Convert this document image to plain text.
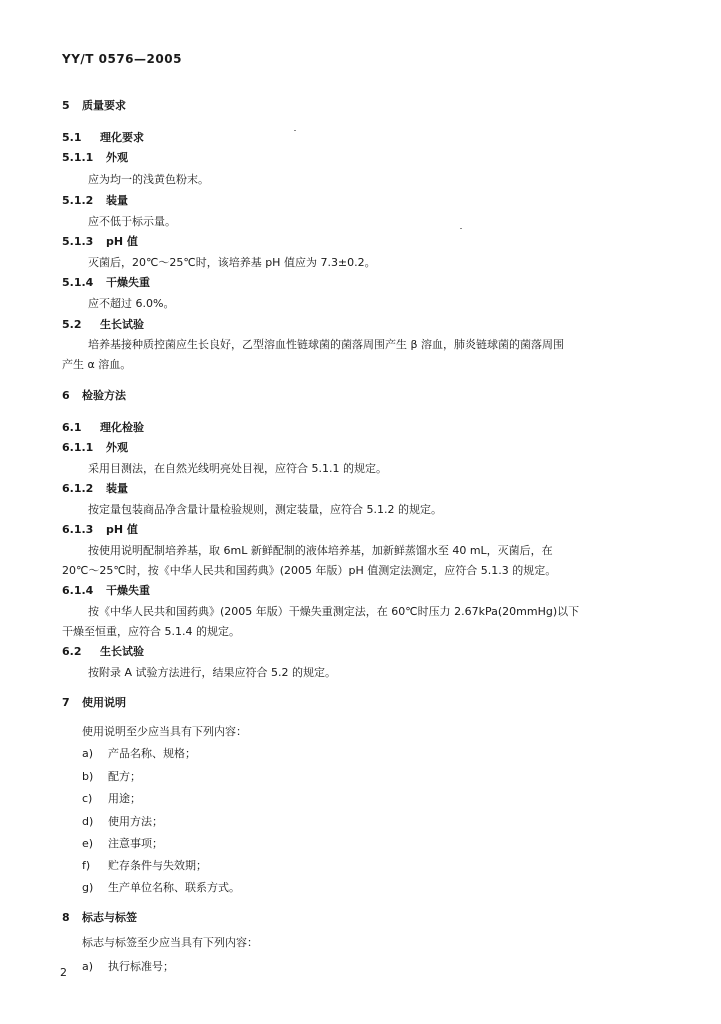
YY/T 0576—2005
5 质量要求
5.1 理化要求
5.1.1 外观
应为均一的浅黄色粉末。
5.1.2 装量
应不低于标示量。
5.1.3 pH 值
灭菌后，20℃～25℃时，该培养基 pH 值应为 7.3±0.2。
5.1.4 干燥失重
应不超过 6.0%。
5.2 生长试验
培养基接种质控菌应生长良好，乙型溶血性链球菌的菌落周围产生 β 溶血，肺炎链球菌的菌落周围
产生 α 溶血。
6 检验方法
6.1 理化检验
6.1.1 外观
采用目测法，在自然光线明亮处目视，应符合 5.1.1 的规定。
6.1.2 装量
按定量包装商品净含量计量检验规则，测定装量，应符合 5.1.2 的规定。
6.1.3 pH 值
按使用说明配制培养基，取 6mL 新鲜配制的液体培养基，加新鲜蒸馏水至 40 mL，灭菌后，在
20℃～25℃时，按《中华人民共和国药典》(2005 年版）pH 值测定法测定，应符合 5.1.3 的规定。
6.1.4 干燥失重
按《中华人民共和国药典》(2005 年版）干燥失重测定法，在 60℃时压力 2.67kPa(20mmHg)以下
干燥至恒重，应符合 5.1.4 的规定。
6.2 生长试验
按附录 A 试验方法进行，结果应符合 5.2 的规定。
7 使用说明
使用说明至少应当具有下列内容：
a) 产品名称、规格；
b) 配方；
c) 用途；
d) 使用方法；
e) 注意事项；
f) 贮存条件与失效期；
g) 生产单位名称、联系方式。
8 标志与标签
标志与标签至少应当具有下列内容：
a) 执行标准号；
2
